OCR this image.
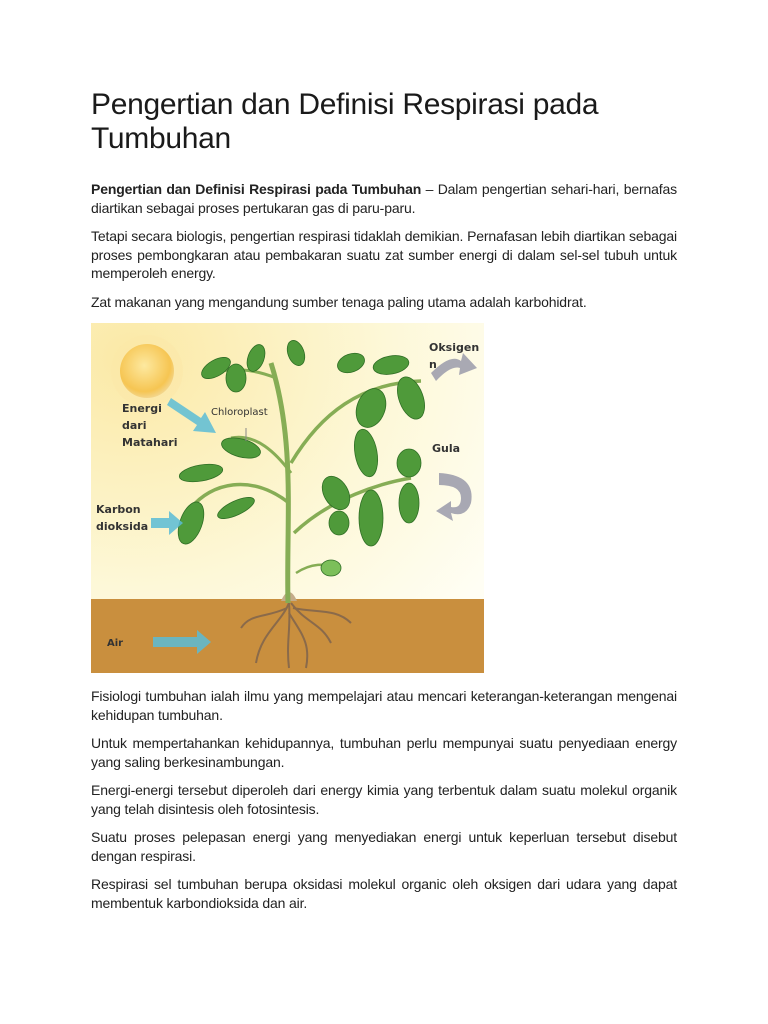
Pengertian dan Definisi Respirasi pada Tumbuhan

Pengertian dan Definisi Respirasi pada Tumbuhan – Dalam pengertian sehari-hari, bernafas diartikan sebagai proses pertukaran gas di paru-paru.

Tetapi secara biologis, pengertian respirasi tidaklah demikian. Pernafasan lebih diartikan sebagai proses pembongkaran atau pembakaran suatu zat sumber energi di dalam sel-sel tubuh untuk memperoleh energy.

Zat makanan yang mengandung sumber tenaga paling utama adalah karbohidrat.

Energi
dari
Matahari
Chloroplast
Oksigen
n
Gula
Karbon
dioksida
Air

Fisiologi tumbuhan ialah ilmu yang mempelajari atau mencari keterangan-keterangan mengenai kehidupan tumbuhan.

Untuk mempertahankan kehidupannya, tumbuhan perlu mempunyai suatu penyediaan energy yang saling berkesinambungan.

Energi-energi tersebut diperoleh dari energy kimia yang terbentuk dalam suatu molekul organik yang telah disintesis oleh fotosintesis.

Suatu proses pelepasan energi yang menyediakan energi untuk keperluan tersebut disebut dengan respirasi.

Respirasi sel tumbuhan berupa oksidasi molekul organic oleh oksigen dari udara yang dapat membentuk karbondioksida dan air.
